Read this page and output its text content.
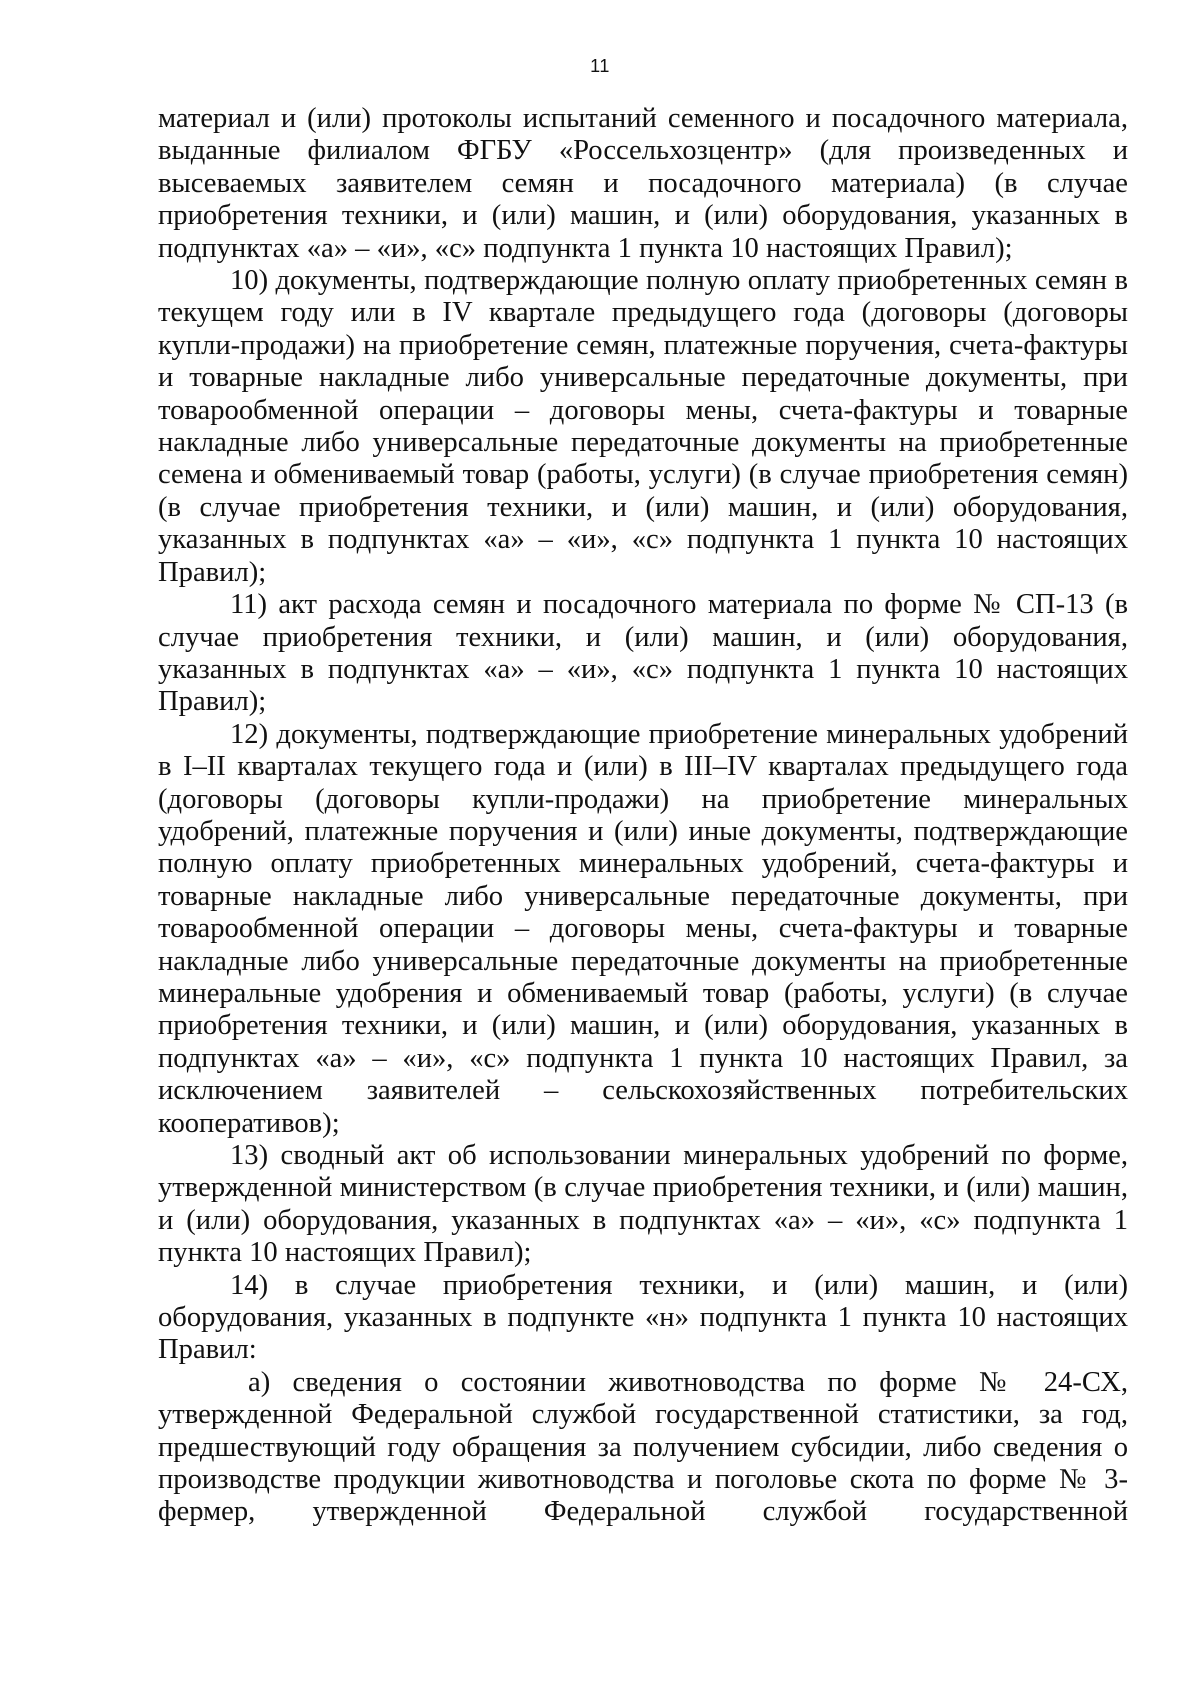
11

материал и (или) протоколы испытаний семенного и посадочного материала, выданные филиалом ФГБУ «Россельхозцентр» (для произведенных и высеваемых заявителем семян и посадочного материала) (в случае приобретения техники, и (или) машин, и (или) оборудования, указанных в подпунктах «а» – «и», «с» подпункта 1 пункта 10 настоящих Правил);

10) документы, подтверждающие полную оплату приобретенных семян в текущем году или в IV квартале предыдущего года (договоры (договоры купли-продажи) на приобретение семян, платежные поручения, счета-фактуры и товарные накладные либо универсальные передаточные документы, при товарообменной операции – договоры мены, счета-фактуры и товарные накладные либо универсальные передаточные документы на приобретенные семена и обмениваемый товар (работы, услуги) (в случае приобретения семян) (в случае приобретения техники, и (или) машин, и (или) оборудования, указанных в подпунктах «а» – «и», «с» подпункта 1 пункта 10 настоящих Правил);

11) акт расхода семян и посадочного материала по форме № СП-13 (в случае приобретения техники, и (или) машин, и (или) оборудования, указанных в подпунктах «а» – «и», «с» подпункта 1 пункта 10 настоящих Правил);

12) документы, подтверждающие приобретение минеральных удобрений в I–II кварталах текущего года и (или) в III–IV кварталах предыдущего года (договоры (договоры купли-продажи) на приобретение минеральных удобрений, платежные поручения и (или) иные документы, подтверждающие полную оплату приобретенных минеральных удобрений, счета-фактуры и товарные накладные либо универсальные передаточные документы, при товарообменной операции – договоры мены, счета-фактуры и товарные накладные либо универсальные передаточные документы на приобретенные минеральные удобрения и обмениваемый товар (работы, услуги) (в случае приобретения техники, и (или) машин, и (или) оборудования, указанных в подпунктах «а» – «и», «с» подпункта 1 пункта 10 настоящих Правил, за исключением заявителей – сельскохозяйственных потребительских кооперативов);

13) сводный акт об использовании минеральных удобрений по форме, утвержденной министерством (в случае приобретения техники, и (или) машин, и (или) оборудования, указанных в подпунктах «а» – «и», «с» подпункта 1 пункта 10 настоящих Правил);

14) в случае приобретения техники, и (или) машин, и (или) оборудования, указанных в подпункте «н» подпункта 1 пункта 10 настоящих Правил:

а) сведения о состоянии животноводства по форме № 24-СХ, утвержденной Федеральной службой государственной статистики, за год, предшествующий году обращения за получением субсидии, либо сведения о производстве продукции животноводства и поголовье скота по форме № 3-фермер, утвержденной Федеральной службой государственной
